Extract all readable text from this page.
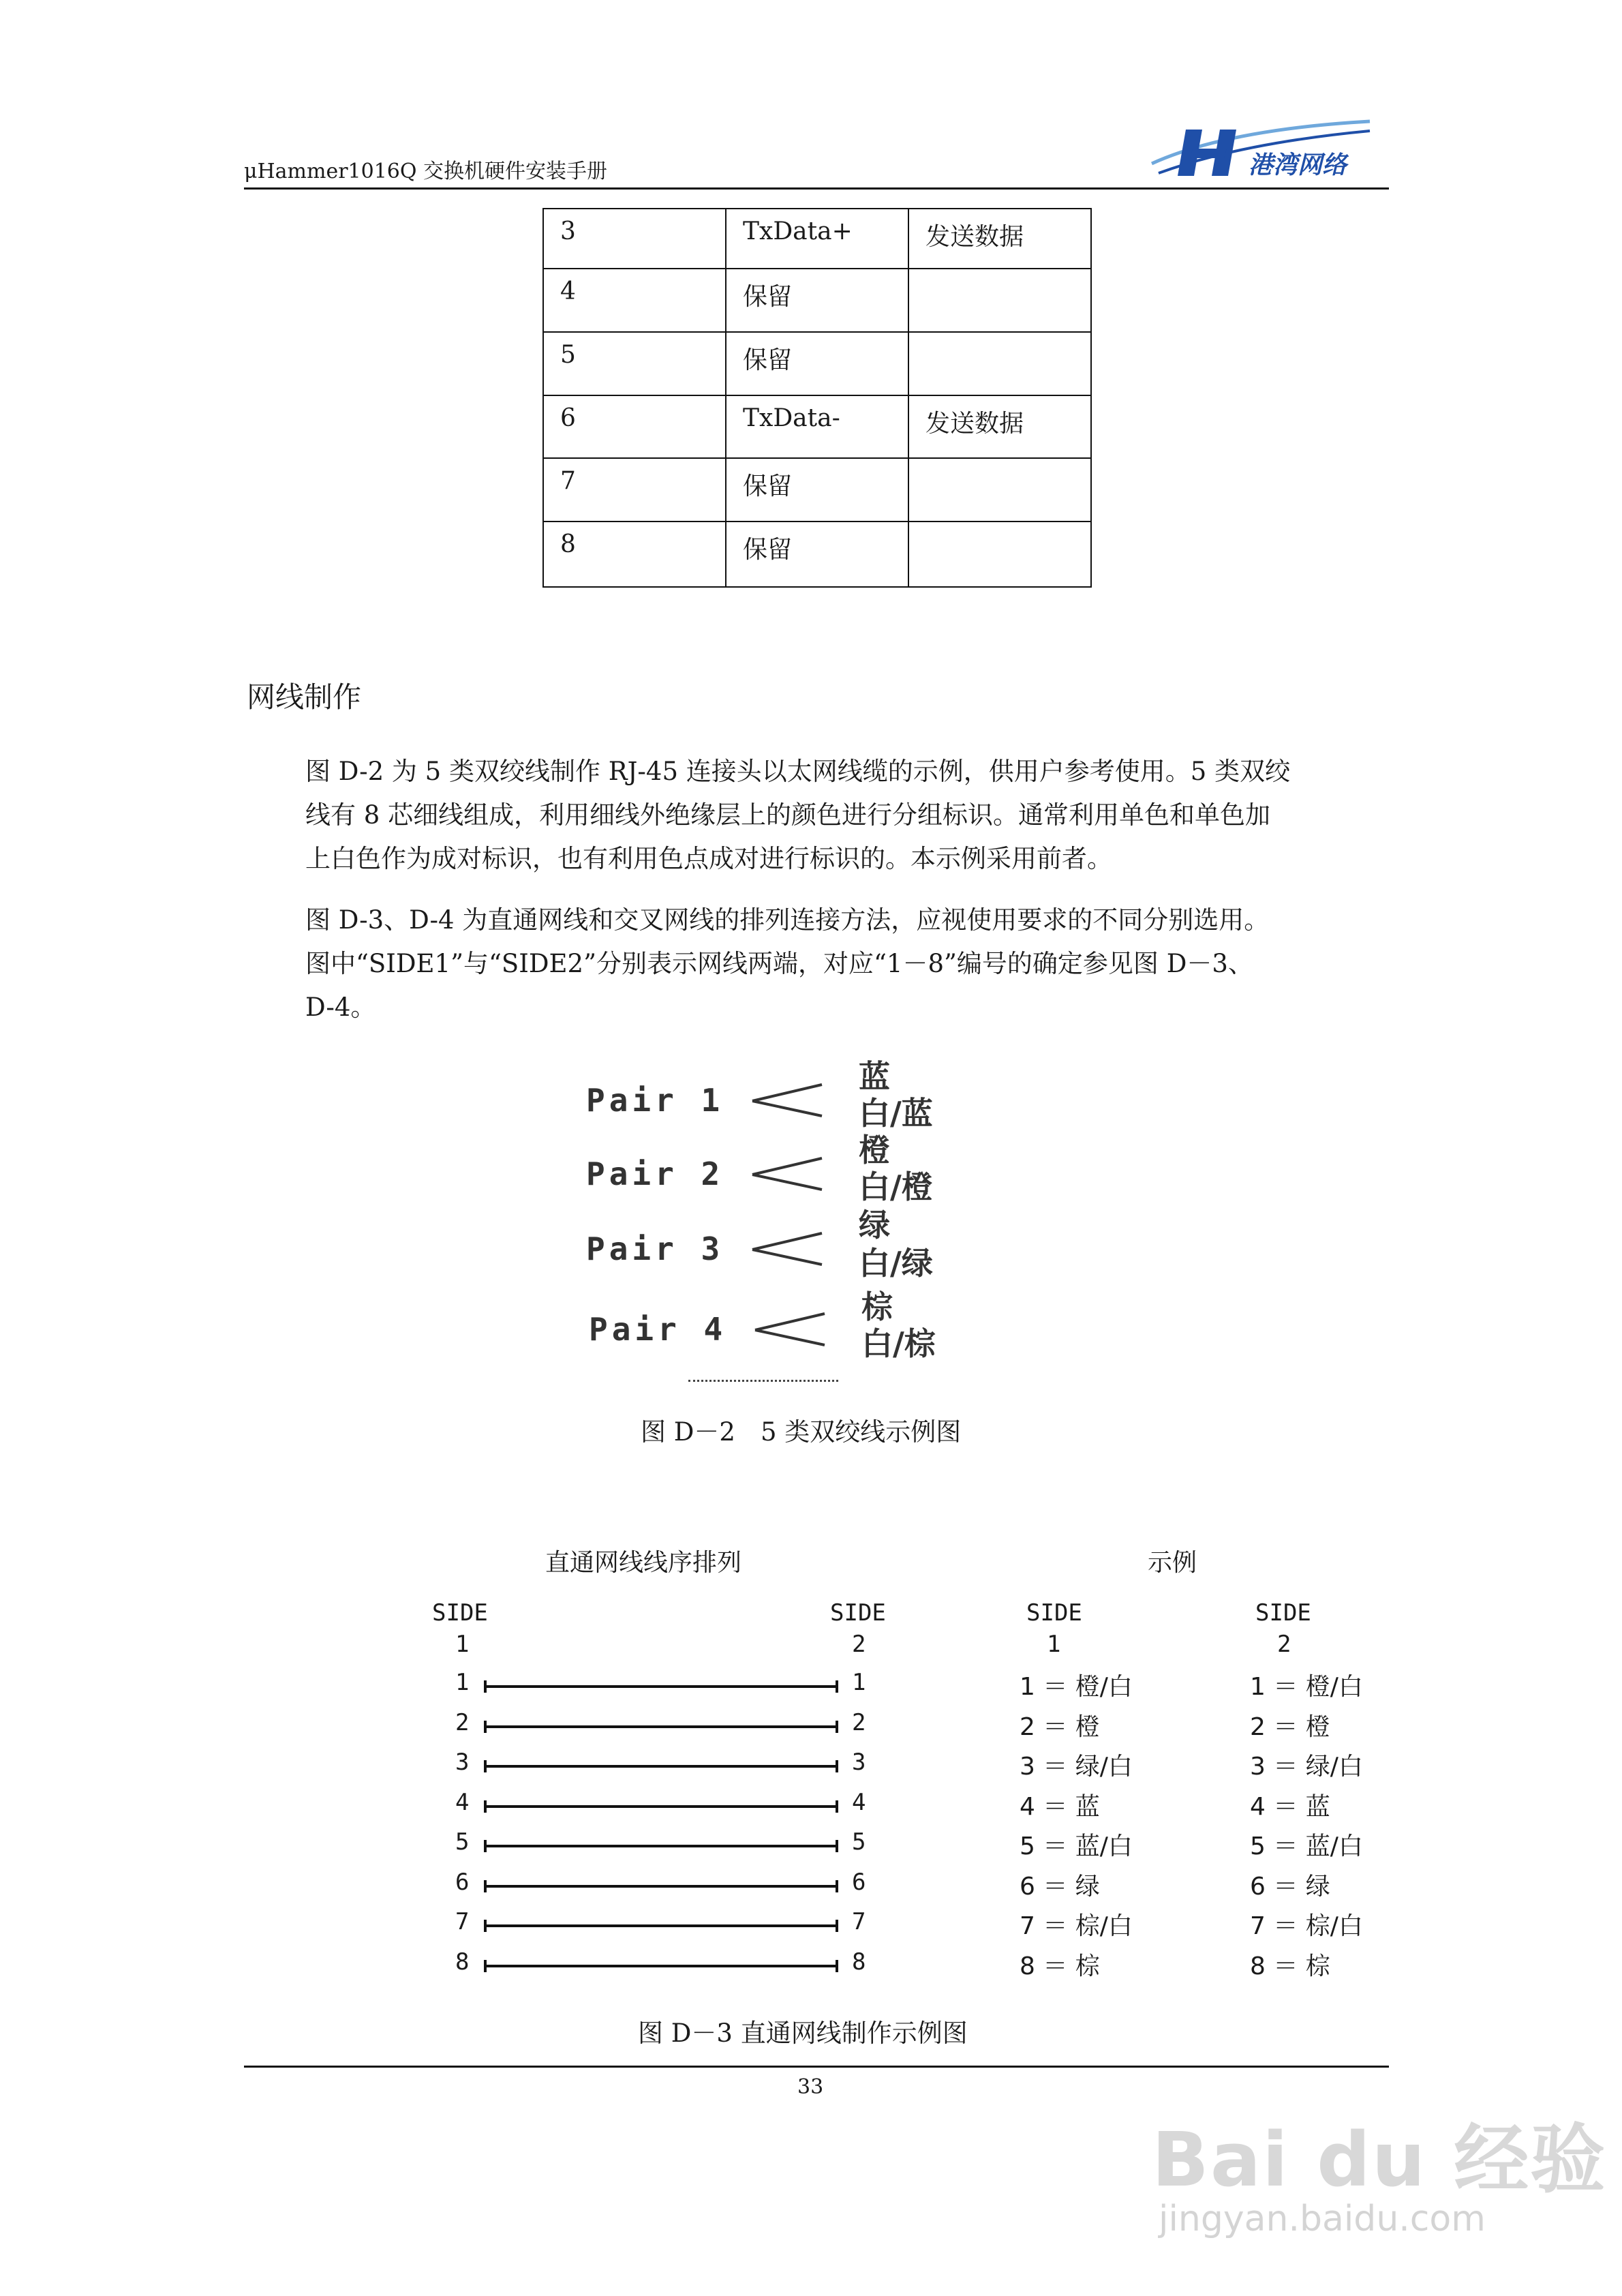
μHammer1016Q 交换机硬件安装手册	港湾网络
3	TxData+	发送数据
4	保留	
5	保留	
6	TxData-	发送数据
7	保留	
8	保留	
网线制作
图 D-2 为 5 类双绞线制作 RJ-45 连接头以太网线缆的示例，供用户参考使用。5 类双绞
线有 8 芯细线组成，利用细线外绝缘层上的颜色进行分组标识。通常利用单色和单色加
上白色作为成对标识，也有利用色点成对进行标识的。本示例采用前者。
图 D-3、D-4 为直通网线和交叉网线的排列连接方法，应视使用要求的不同分别选用。
图中“SIDE1”与“SIDE2”分别表示网线两端，对应“1－8”编号的确定参见图 D－3、
D-4。
Pair 1
蓝
白/蓝
Pair 2
橙
白/橙
Pair 3
绿
白/绿
Pair 4
棕
白/棕
图 D－2　5 类双绞线示例图
直通网线线序排列	示例
SIDE
1
SIDE
2
SIDE
1
SIDE
2
1	1	1 ＝ 橙/白	1 ＝ 橙/白
2	2	2 ＝ 橙	2 ＝ 橙
3	3	3 ＝ 绿/白	3 ＝ 绿/白
4	4	4 ＝ 蓝	4 ＝ 蓝
5	5	5 ＝ 蓝/白	5 ＝ 蓝/白
6	6	6 ＝ 绿	6 ＝ 绿
7	7	7 ＝ 棕/白	7 ＝ 棕/白
8	8	8 ＝ 棕	8 ＝ 棕
图 D－3 直通网线制作示例图
33
Bai du 经验
jingyan.baidu.com
